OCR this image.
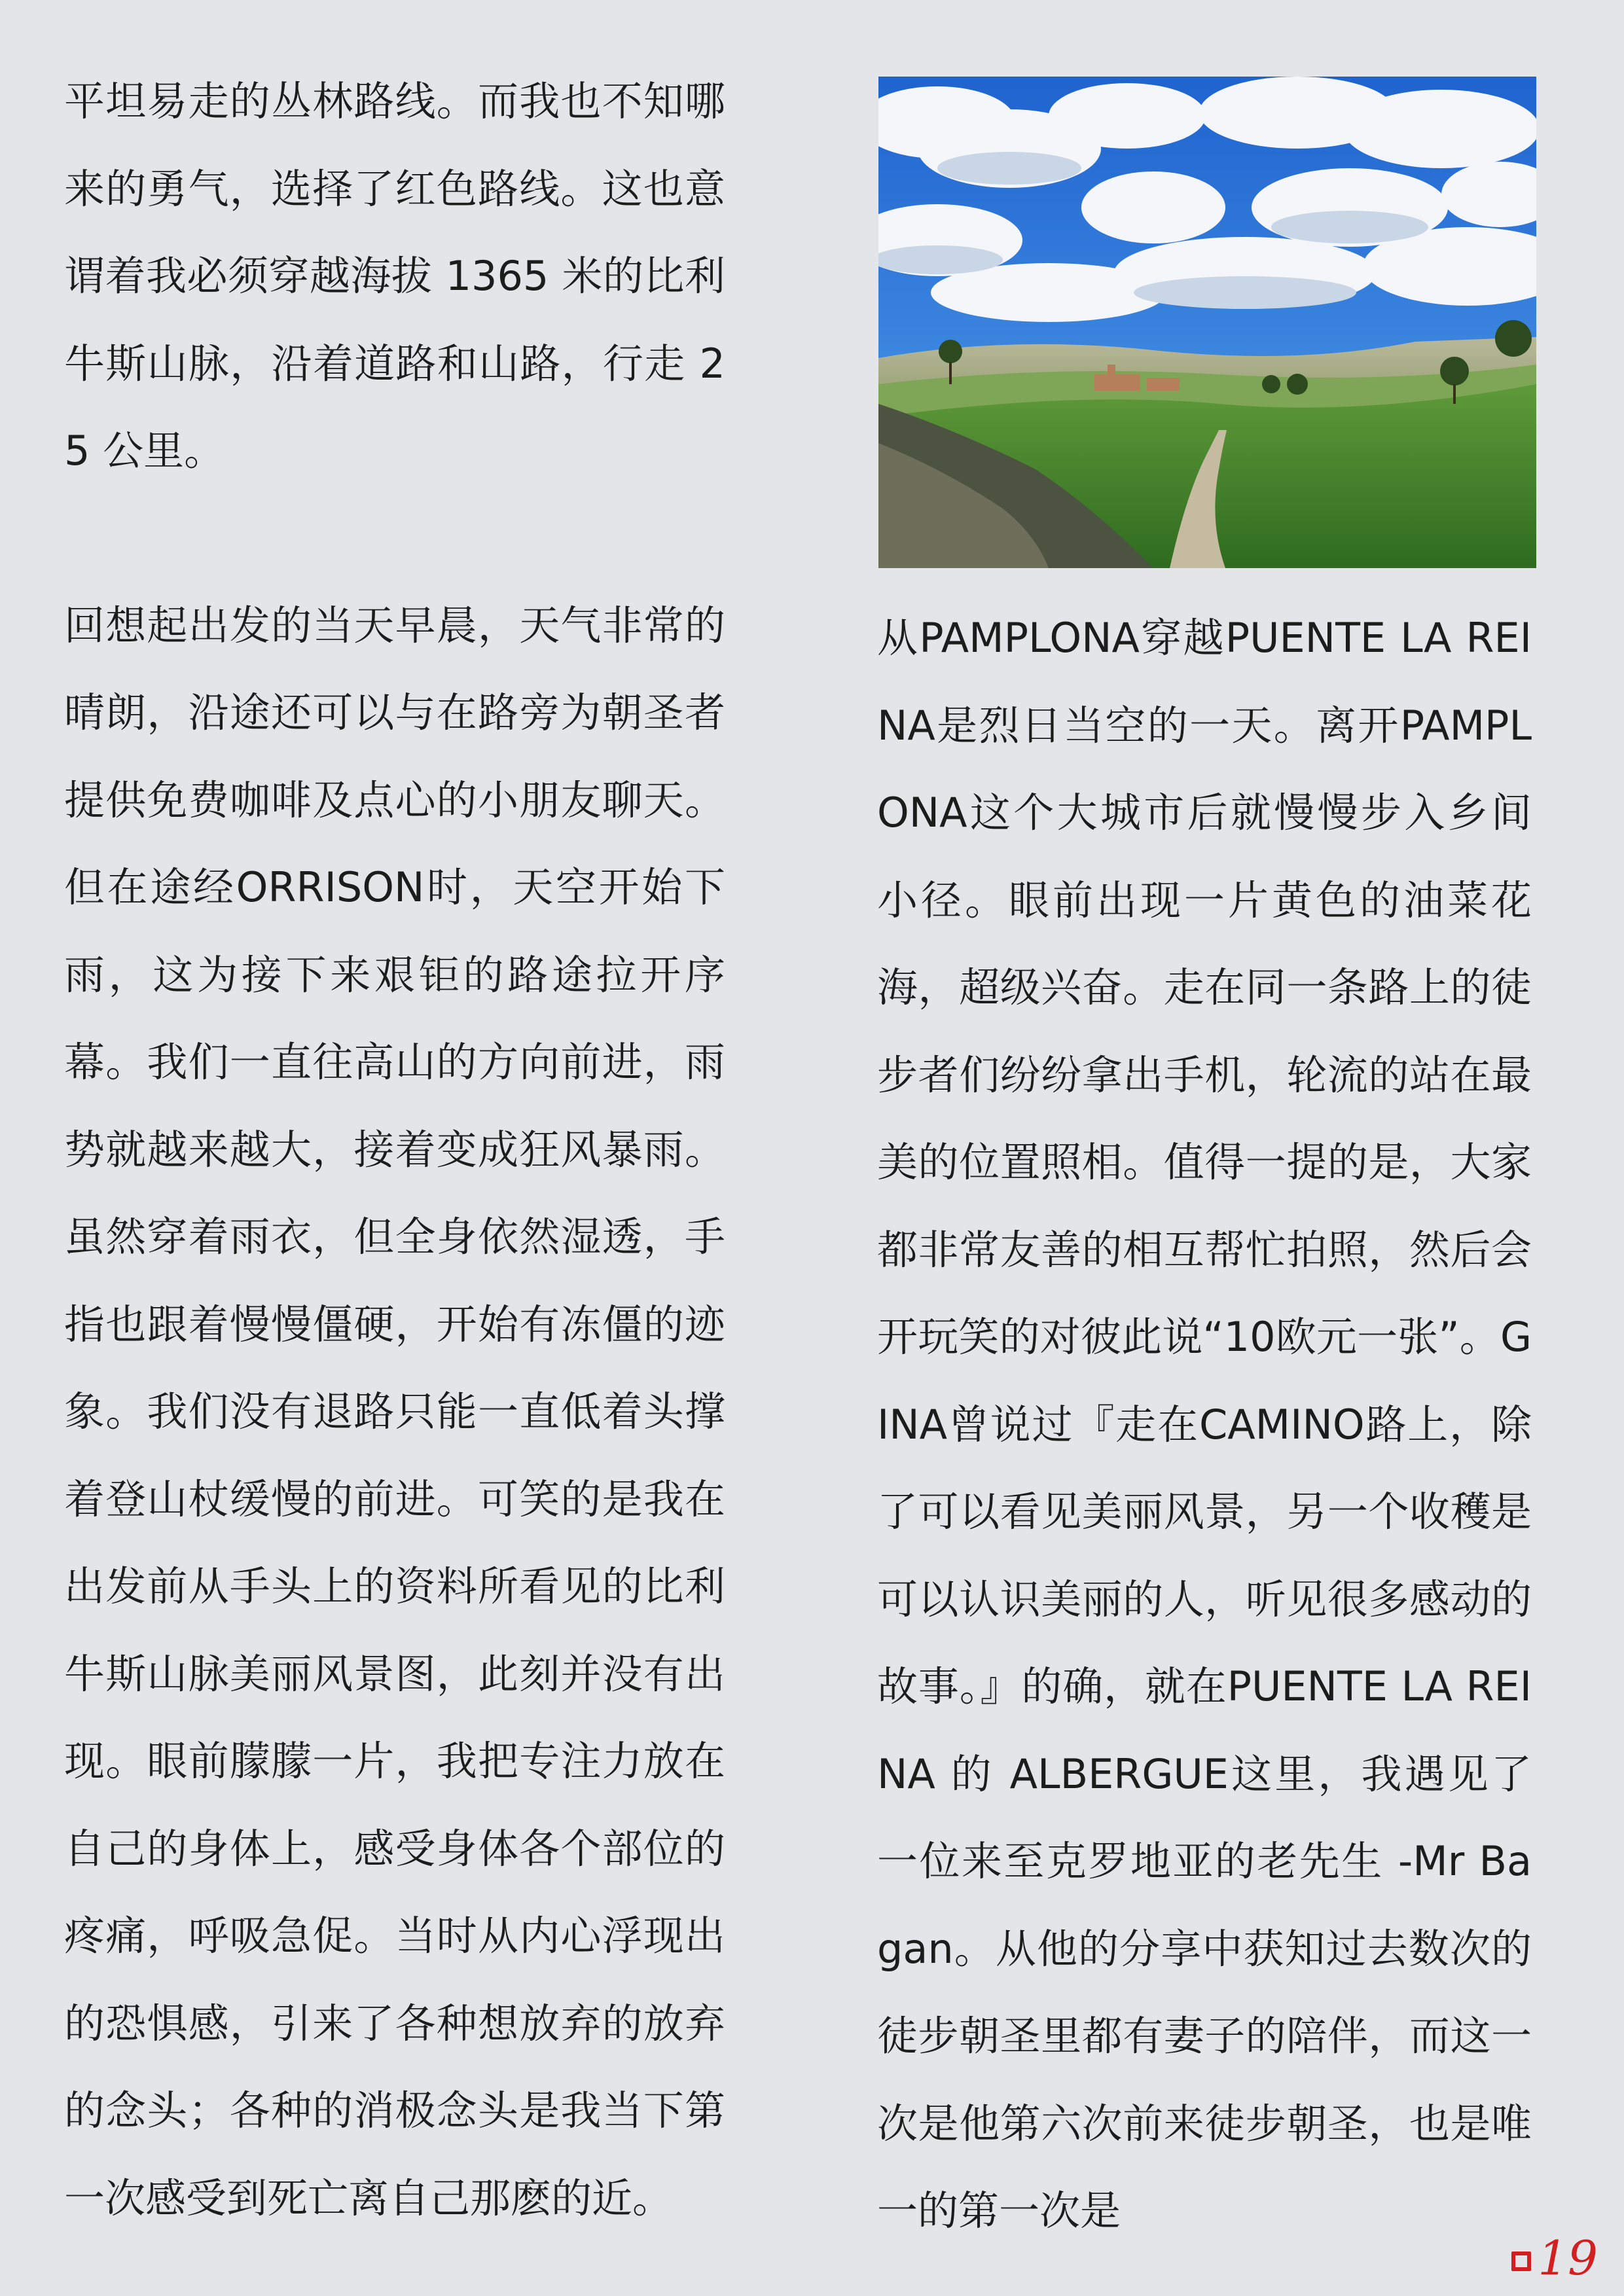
平坦易走的丛林路线。而我也不知哪来的勇气，选择了红色路线。这也意谓着我必须穿越海拔 1365 米的比利牛斯山脉，沿着道路和山路，行走 25 公里。

回想起出发的当天早晨，天气非常的晴朗，沿途还可以与在路旁为朝圣者提供免费咖啡及点心的小朋友聊天。但在途经ORRISON时，天空开始下雨，这为接下来艰钜的路途拉开序幕。我们一直往高山的方向前进，雨势就越来越大，接着变成狂风暴雨。虽然穿着雨衣，但全身依然湿透，手指也跟着慢慢僵硬，开始有冻僵的迹象。我们没有退路只能一直低着头撑着登山杖缓慢的前进。可笑的是我在出发前从手头上的资料所看见的比利牛斯山脉美丽风景图，此刻并没有出现。眼前朦朦一片，我把专注力放在自己的身体上，感受身体各个部位的疼痛，呼吸急促。当时从内心浮现出的恐惧感，引来了各种想放弃的放弃的念头；各种的消极念头是我当下第一次感受到死亡离自己那麽的近。

从PAMPLONA穿越PUENTE LA REINA是烈日当空的一天。离开PAMPLONA这个大城市后就慢慢步入乡间小径。眼前出现一片黄色的油菜花海，超级兴奋。走在同一条路上的徒步者们纷纷拿出手机，轮流的站在最美的位置照相。值得一提的是，大家都非常友善的相互帮忙拍照，然后会开玩笑的对彼此说“10欧元一张”。GINA曾说过『走在CAMINO路上，除了可以看见美丽风景，另一个收穫是可以认识美丽的人，听见很多感动的故事。』的确，就在PUENTE LA REINA 的 ALBERGUE这里，我遇见了一位来至克罗地亚的老先生 -Mr Bagan。从他的分享中获知过去数次的徒步朝圣里都有妻子的陪伴，而这一次是他第六次前来徒步朝圣，也是唯一的第一次是

19
